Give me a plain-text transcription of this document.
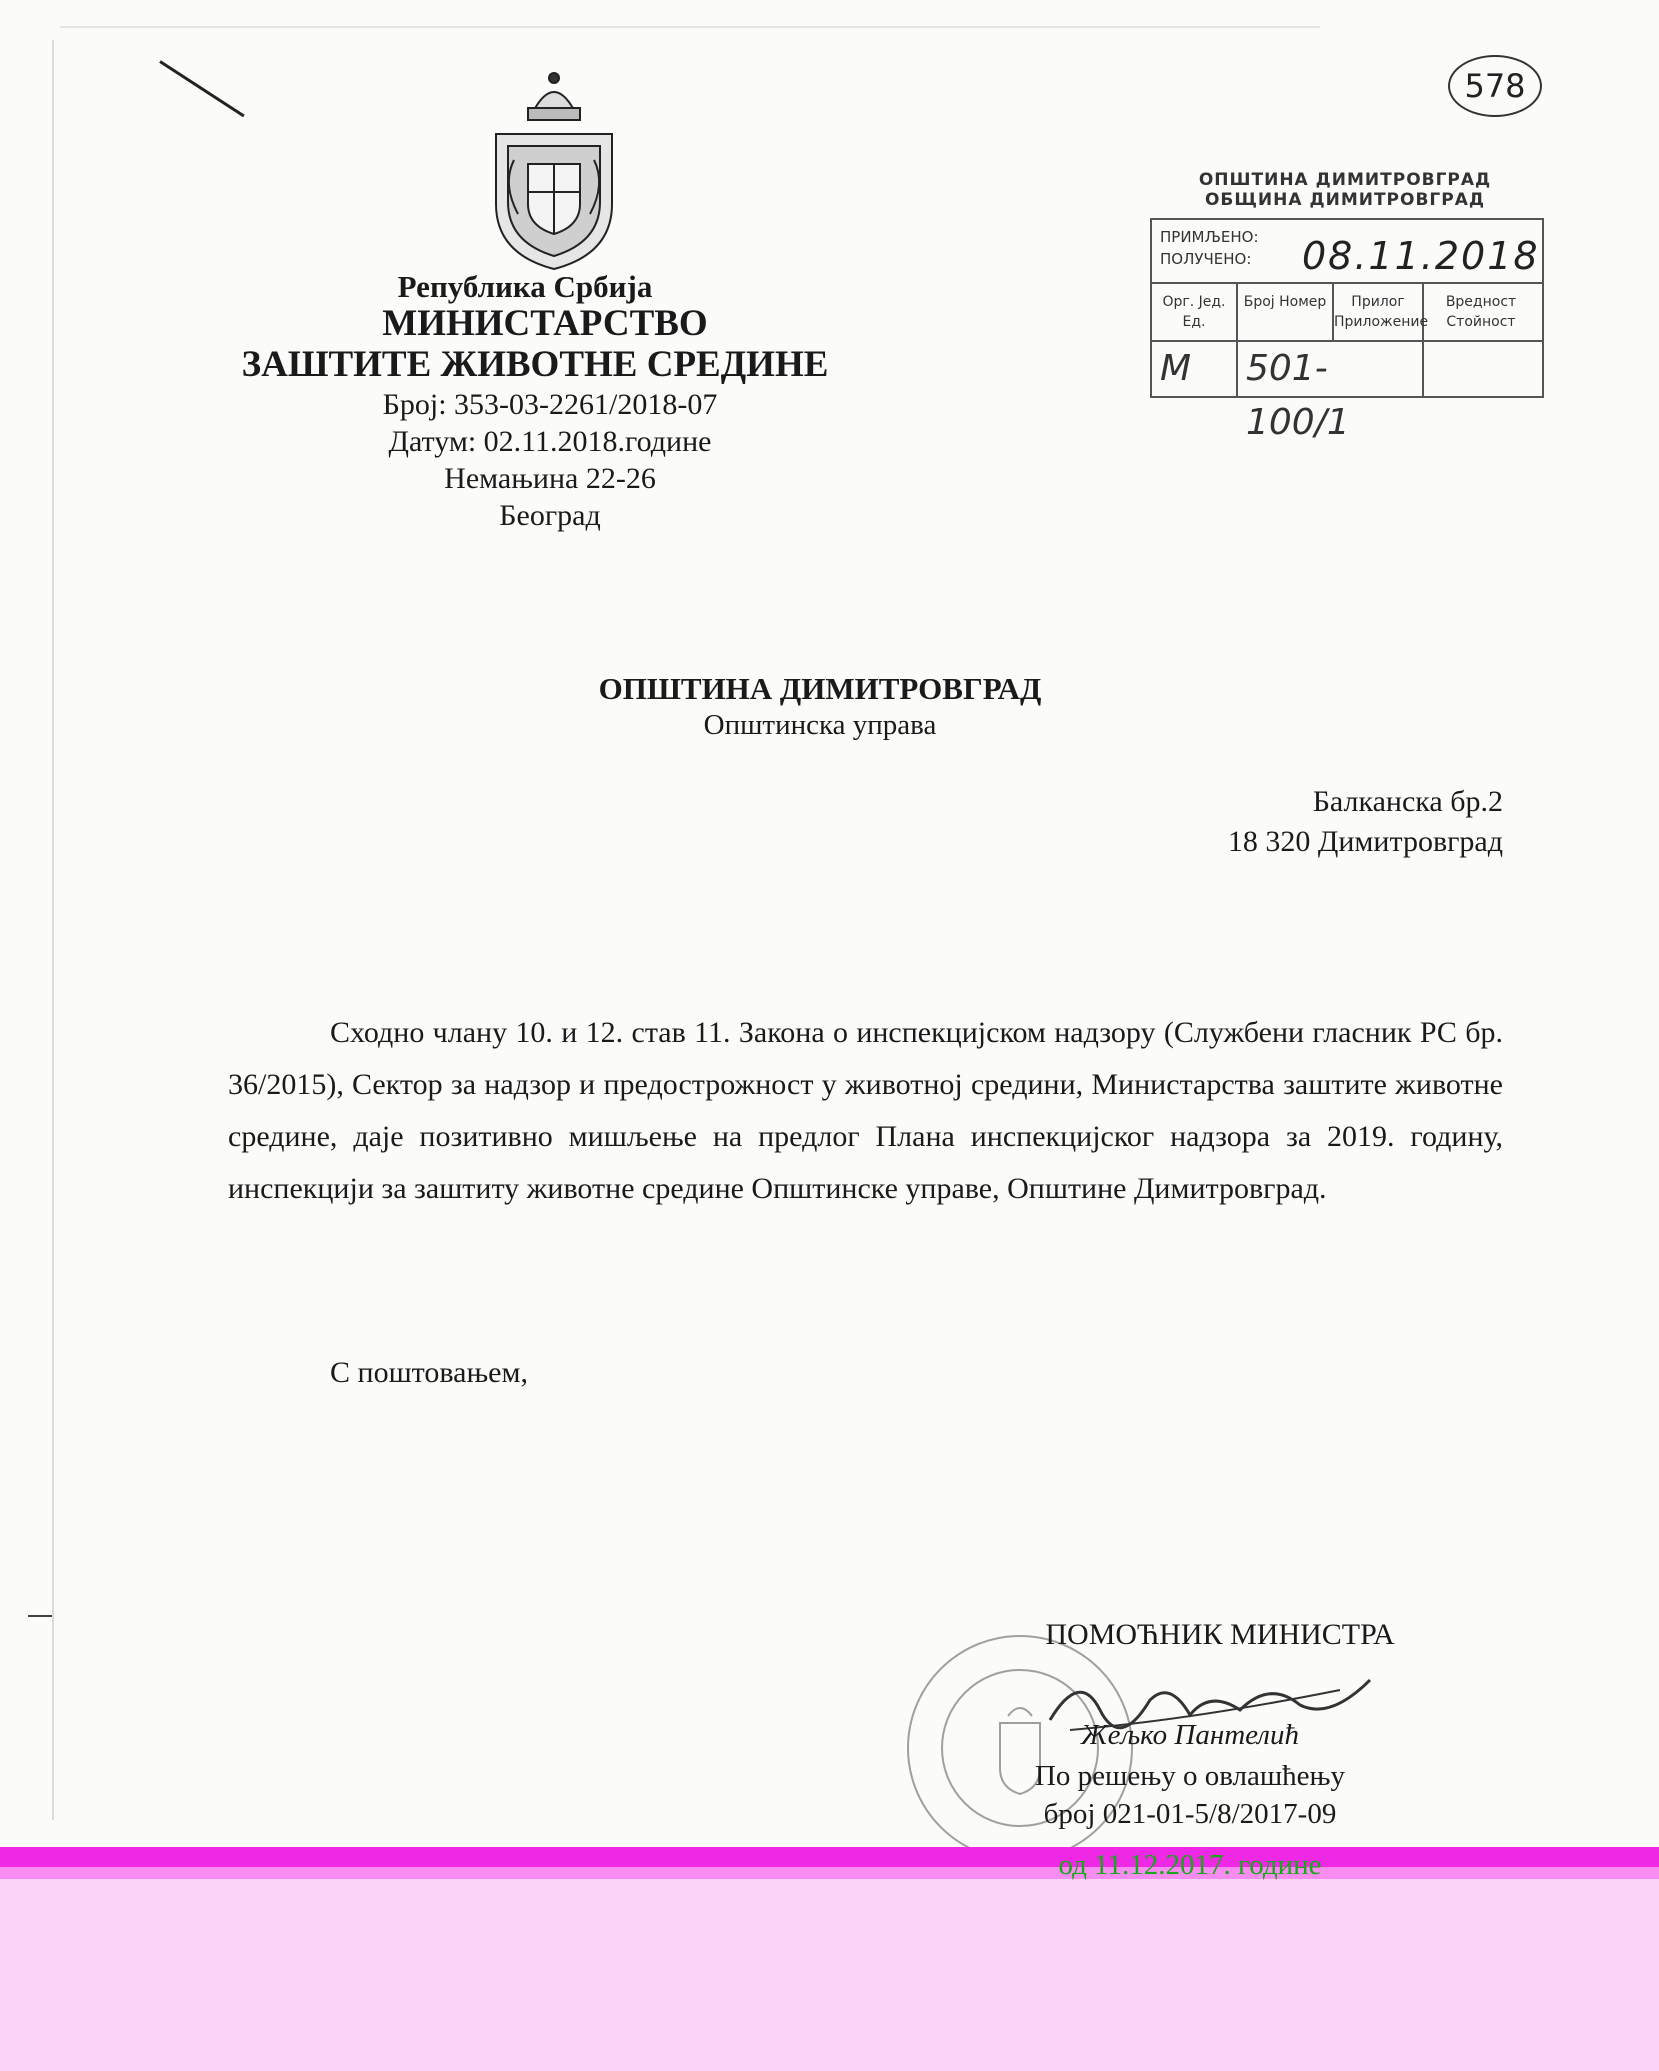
Република Србија
МИНИСТАРСТВО
ЗАШТИТЕ ЖИВОТНЕ СРЕДИНЕ
Број: 353-03-2261/2018-07
Датум: 02.11.2018.године
Немањина 22-26
Београд
578
ОПШТИНА ДИМИТРОВГРАД
ОБЩИНА ДИМИТРОВГРАД
ПРИМЉЕНО:
ПОЛУЧЕНО: 08.11.2018
Орг. Јед. Ед.
Број Номер	Прилог Приложение
Вредност Стойност
М	501-100/1
ОПШТИНА ДИМИТРОВГРАД
Општинска управа
Балканска бр.2
18 320 Димитровград
Сходно члану 10. и 12. став 11. Закона о инспекцијском надзору (Службени гласник РС бр. 36/2015), Сектор за надзор и предострожност у животној средини, Министарства заштите животне средине, даје позитивно мишљење на предлог Плана инспекцијског надзора за 2019. годину, инспекцији за заштиту животне средине Општинске управе, Општине Димитровград.
С поштовањем,
ПОМОЋНИК МИНИСТРА
Жељко Пантелић
По решењу о овлашћењу
број 021-01-5/8/2017-09
од 11.12.2017. године
